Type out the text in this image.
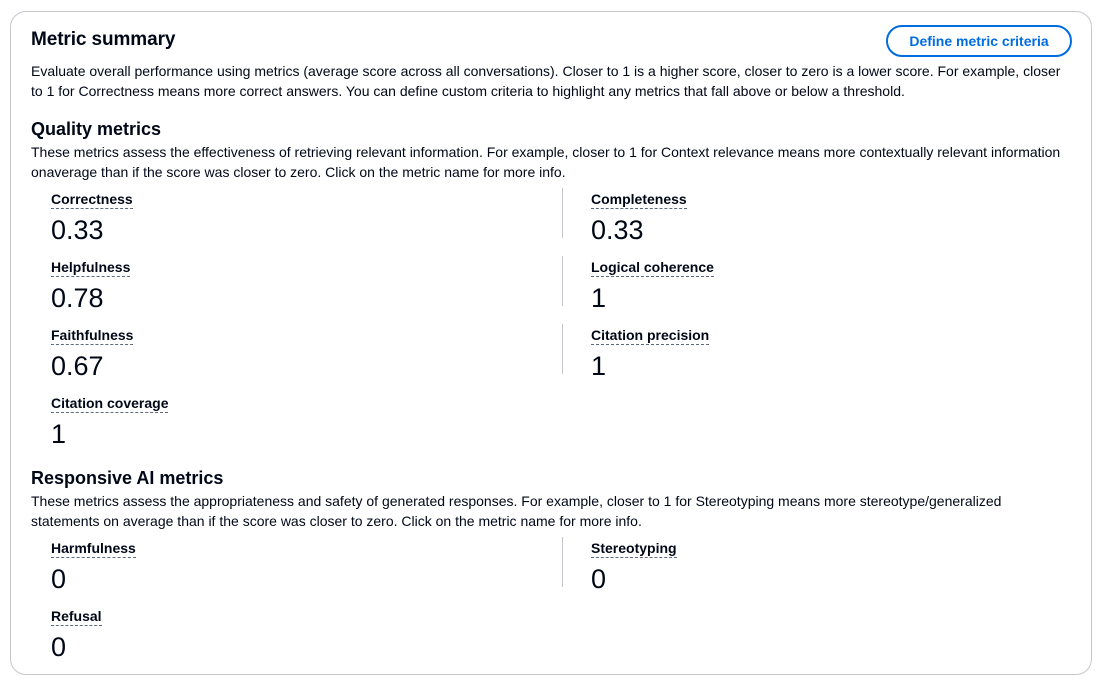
Metric summary	Define metric criteria
Evaluate overall performance using metrics (average score across all conversations). Closer to 1 is a higher score, closer to zero is a lower score. For example, closer to 1 for Correctness means more correct answers. You can define custom criteria to highlight any metrics that fall above or below a threshold.
Quality metrics
These metrics assess the effectiveness of retrieving relevant information. For example, closer to 1 for Context relevance means more contextually relevant information onaverage than if the score was closer to zero. Click on the metric name for more info.
Correctness
0.33
Completeness
0.33
Helpfulness
0.78
Logical coherence
1
Faithfulness
0.67
Citation precision
1
Citation coverage
1
Responsive AI metrics
These metrics assess the appropriateness and safety of generated responses. For example, closer to 1 for Stereotyping means more stereotype/generalized statements on average than if the score was closer to zero. Click on the metric name for more info.
Harmfulness
0
Stereotyping
0
Refusal
0
